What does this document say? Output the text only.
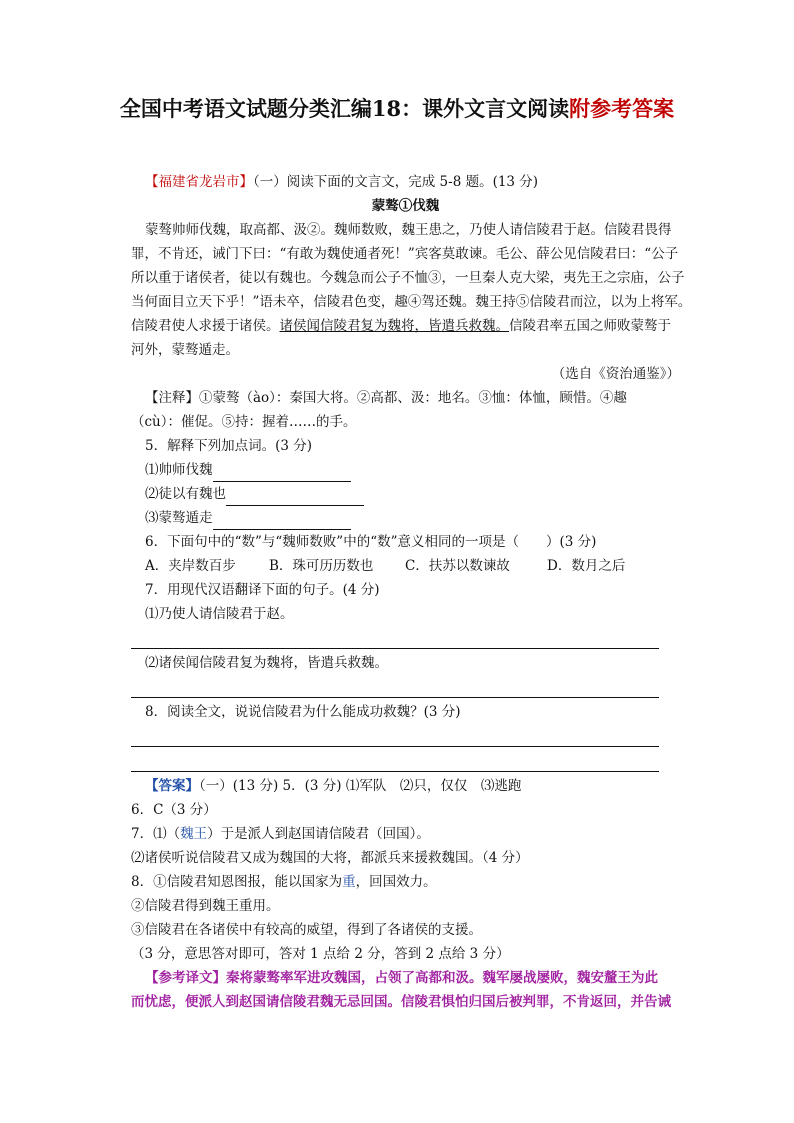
全国中考语文试题分类汇编18：课外文言文阅读附参考答案
【福建省龙岩市】（一）阅读下面的文言文，完成 5-8 题。(13 分)
蒙骜①伐魏
蒙骜帅师伐魏，取高都、汲②。魏师数败，魏王患之，乃使人请信陵君于赵。信陵君畏得
罪，不肯还，诫门下曰：“有敢为魏使通者死！”宾客莫敢谏。毛公、薛公见信陵君曰：“公子
所以重于诸侯者，徒以有魏也。今魏急而公子不恤③，一旦秦人克大梁，夷先王之宗庙，公子
当何面目立天下乎！”语未卒，信陵君色变，趣④驾还魏。魏王持⑤信陵君而泣，以为上将军。
信陵君使人求援于诸侯。诸侯闻信陵君复为魏将，皆遣兵救魏。信陵君率五国之师败蒙骜于
河外，蒙骜遁走。
（选自《资治通鉴》）
【注释】①蒙骜（ào）：秦国大将。②高都、汲：地名。③恤：体恤，顾惜。④趣
（cù）：催促。⑤持：握着……的手。
5．解释下列加点词。(3 分)
⑴帅师伐魏
⑵徒以有魏也
⑶蒙骜遁走
6．下面句中的“数”与“魏师数败”中的“数”意义相同的一项是（　　）(3 分)
A．夹岸数百步 B．珠可历历数也 C．扶苏以数谏故	D．数月之后
7．用现代汉语翻译下面的句子。(4 分)
⑴乃使人请信陵君于赵。
⑵诸侯闻信陵君复为魏将，皆遣兵救魏。
8．阅读全文，说说信陵君为什么能成功救魏？(3 分)
【答案】（一）(13 分) 5．(3 分) ⑴军队　⑵只，仅仅　⑶逃跑
6．C（3 分）
7．⑴（魏王）于是派人到赵国请信陵君（回国）。
⑵诸侯听说信陵君又成为魏国的大将，都派兵来援救魏国。（4 分）
8．①信陵君知恩图报，能以国家为重，回国效力。
②信陵君得到魏王重用。
③信陵君在各诸侯中有较高的威望，得到了各诸侯的支援。
（3 分，意思答对即可，答对 1 点给 2 分，答到 2 点给 3 分）
【参考译文】秦将蒙骜率军进攻魏国，占领了高都和汲。魏军屡战屡败，魏安釐王为此
而忧虑，便派人到赵国请信陵君魏无忌回国。信陵君惧怕归国后被判罪，不肯返回，并告诫
